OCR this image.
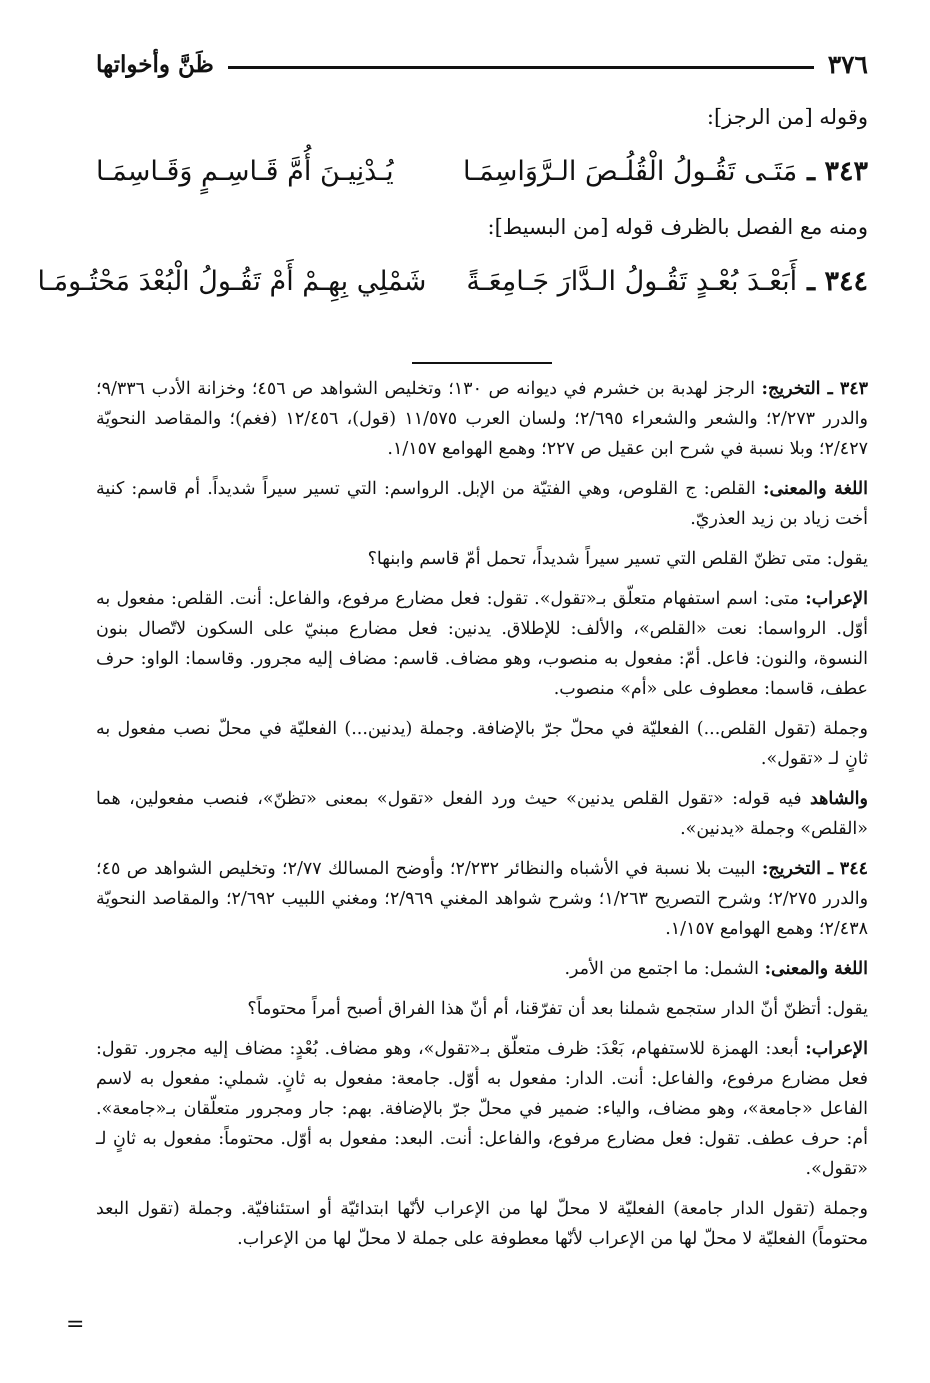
٣٧٦
ظَنَّ وأخواتها

وقوله [من الرجز]:

٣٤٣ ـ
مَتَـى تَقُـولُ الْقُلُـصَ الـرَّوَاسِمَـا
يُـدْنِيـنَ أُمَّ قَـاسِـمٍ وَقَـاسِمَـا

ومنه مع الفصل بالظرف قوله [من البسيط]:

٣٤٤ ـ
أَبَعْـدَ بُعْـدٍ تَقُـولُ الـدَّارَ جَـامِعَـةً
شَمْلِي بِهِـمْ أَمْ تَقُـولُ الْبُعْدَ مَحْتُـومَـا

٣٤٣ ـ التخريج: الرجز لهدبة بن خشرم في ديوانه ص ١٣٠؛ وتخليص الشواهد ص ٤٥٦؛ وخزانة الأدب ٩/٣٣٦؛ والدرر ٢/٢٧٣؛ والشعر والشعراء ٢/٦٩٥؛ ولسان العرب ١١/٥٧٥ (قول)، ١٢/٤٥٦ (فغم)؛ والمقاصد النحويّة ٢/٤٢٧؛ وبلا نسبة في شرح ابن عقيل ص ٢٢٧؛ وهمع الهوامع ١/١٥٧.

اللغة والمعنى: القلص: ج القلوص، وهي الفتيّة من الإبل. الرواسم: التي تسير سيراً شديداً. أم قاسم: كنية أخت زياد بن زيد العذريّ.

يقول: متى تظنّ القلص التي تسير سيراً شديداً، تحمل أمّ قاسم وابنها؟

الإعراب: متى: اسم استفهام متعلّق بـ«تقول». تقول: فعل مضارع مرفوع، والفاعل: أنت. القلص: مفعول به أوّل. الرواسما: نعت «القلص»، والألف: للإطلاق. يدنين: فعل مضارع مبنيّ على السكون لاتّصال بنون النسوة، والنون: فاعل. أمّ: مفعول به منصوب، وهو مضاف. قاسم: مضاف إليه مجرور. وقاسما: الواو: حرف عطف، قاسما: معطوف على «أم» منصوب.

وجملة (تقول القلص...) الفعليّة في محلّ جرّ بالإضافة. وجملة (يدنين...) الفعليّة في محلّ نصب مفعول به ثانٍ لـ «تقول».

والشاهد فيه قوله: «تقول القلص يدنين» حيث ورد الفعل «تقول» بمعنى «تظنّ»، فنصب مفعولين، هما «القلص» وجملة «يدنين».

٣٤٤ ـ التخريج: البيت بلا نسبة في الأشباه والنظائر ٢/٢٣٢؛ وأوضح المسالك ٢/٧٧؛ وتخليص الشواهد ص ٤٥؛ والدرر ٢/٢٧٥؛ وشرح التصريح ١/٢٦٣؛ وشرح شواهد المغني ٢/٩٦٩؛ ومغني اللبيب ٢/٦٩٢؛ والمقاصد النحويّة ٢/٤٣٨؛ وهمع الهوامع ١/١٥٧.

اللغة والمعنى: الشمل: ما اجتمع من الأمر.

يقول: أتظنّ أنّ الدار ستجمع شملنا بعد أن تفرّقنا، أم أنّ هذا الفراق أصبح أمراً محتوماً؟

الإعراب: أبعد: الهمزة للاستفهام، بَعْدَ: ظرف متعلّق بـ«تقول»، وهو مضاف. بُعْدٍ: مضاف إليه مجرور. تقول: فعل مضارع مرفوع، والفاعل: أنت. الدار: مفعول به أوّل. جامعة: مفعول به ثانٍ. شملي: مفعول به لاسم الفاعل «جامعة»، وهو مضاف، والياء: ضمير في محلّ جرّ بالإضافة. بهم: جار ومجرور متعلّقان بـ«جامعة». أم: حرف عطف. تقول: فعل مضارع مرفوع، والفاعل: أنت. البعد: مفعول به أوّل. محتوماً: مفعول به ثانٍ لـ «تقول».

وجملة (تقول الدار جامعة) الفعليّة لا محلّ لها من الإعراب لأنّها ابتدائيّة أو استئنافيّة. وجملة (تقول البعد محتوماً) الفعليّة لا محلّ لها من الإعراب لأنّها معطوفة على جملة لا محلّ لها من الإعراب.

=
